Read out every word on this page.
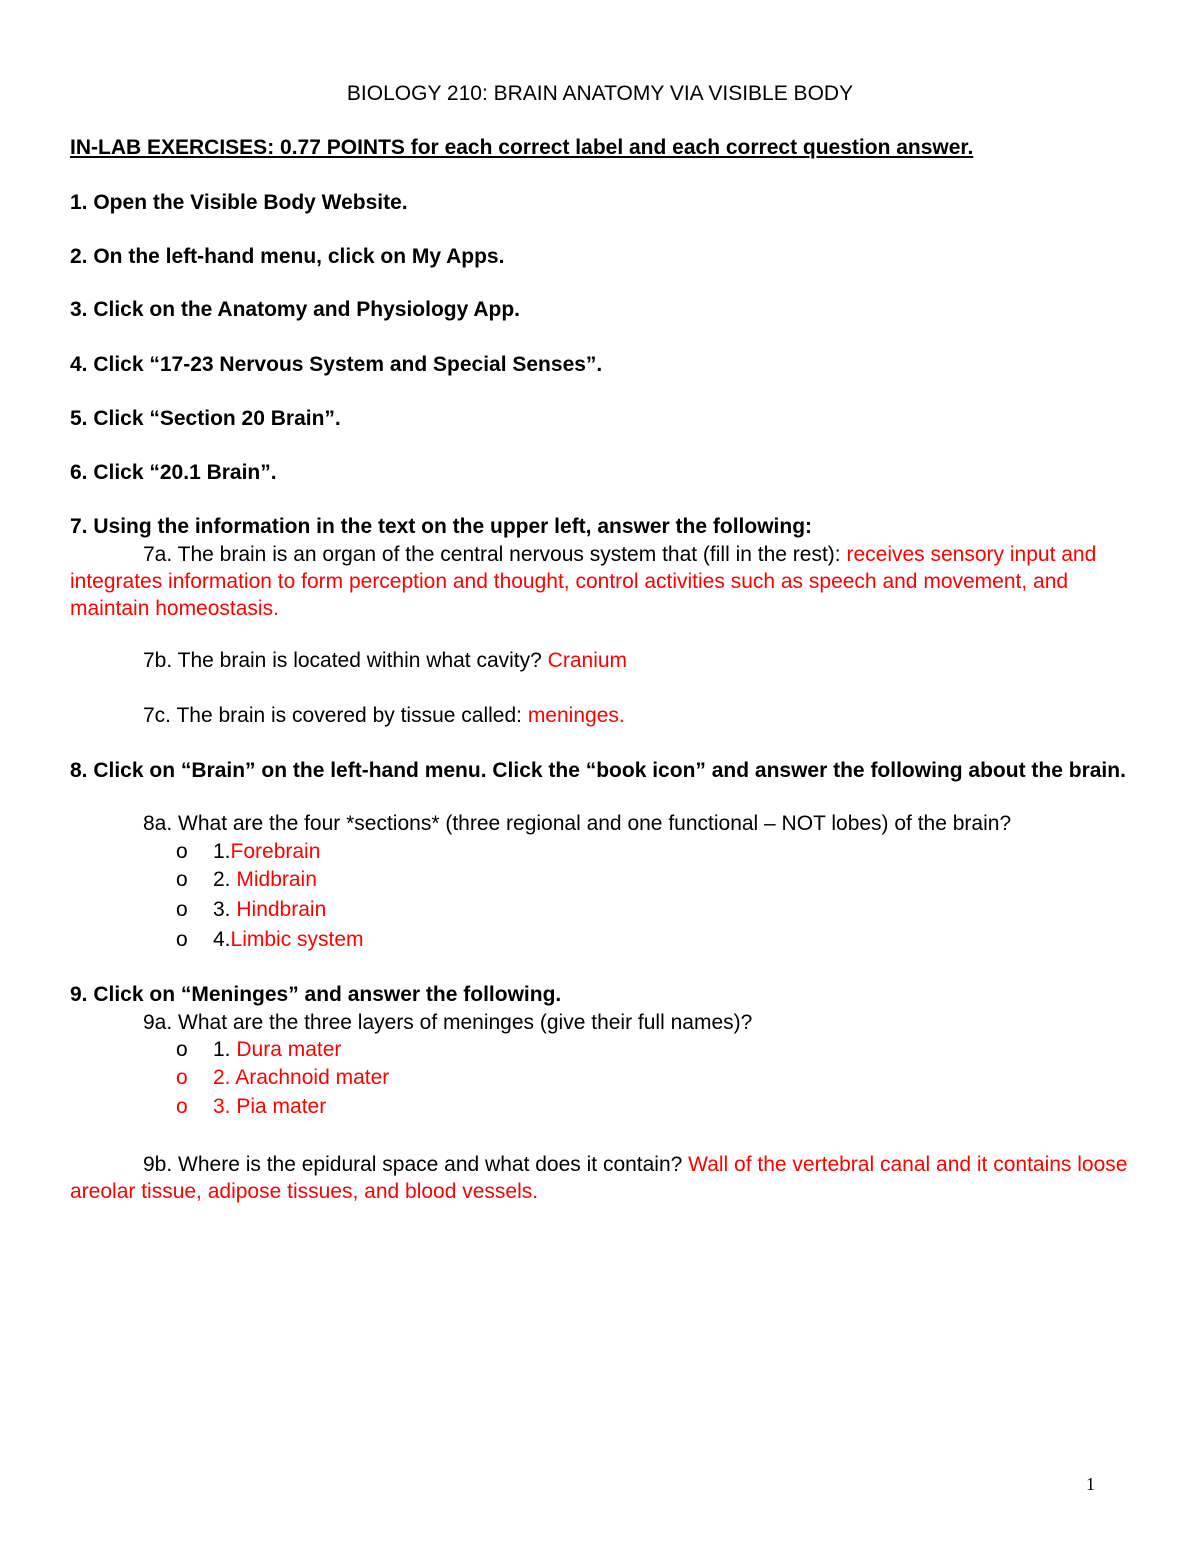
BIOLOGY 210: BRAIN ANATOMY VIA VISIBLE BODY
IN-LAB EXERCISES: 0.77 POINTS for each correct label and each correct question answer.
1. Open the Visible Body Website.
2. On the left-hand menu, click on My Apps.
3. Click on the Anatomy and Physiology App.
4. Click “17-23 Nervous System and Special Senses”.
5. Click “Section 20 Brain”.
6. Click “20.1 Brain”.
7. Using the information in the text on the upper left, answer the following:
7a. The brain is an organ of the central nervous system that (fill in the rest): receives sensory input and integrates information to form perception and thought, control activities such as speech and movement, and maintain homeostasis.
7b. The brain is located within what cavity? Cranium
7c. The brain is covered by tissue called: meninges.
8. Click on “Brain” on the left-hand menu. Click the “book icon” and answer the following about the brain.
8a. What are the four *sections* (three regional and one functional – NOT lobes) of the brain?
o 1.Forebrain
o 2. Midbrain
o 3. Hindbrain
o 4.Limbic system
9. Click on “Meninges” and answer the following.
9a. What are the three layers of meninges (give their full names)?
o 1. Dura mater
o 2. Arachnoid mater
o 3. Pia mater
9b. Where is the epidural space and what does it contain? Wall of the vertebral canal and it contains loose areolar tissue, adipose tissues, and blood vessels.
1
